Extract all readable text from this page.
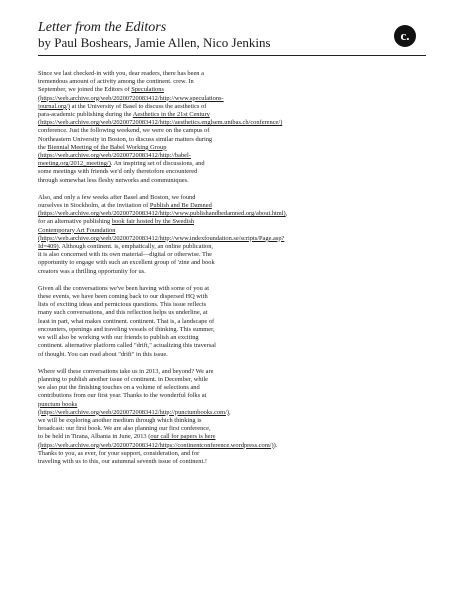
Letter from the Editors

by Paul Boshears, Jamie Allen, Nico Jenkins	c.

Since we last checked-in with you, dear readers, there has been a tremendous amount of activity among the continent. crew. In September, we joined the Editors of Speculations (https://web.archive.org/web/20200720083412/http://www.speculations-journal.org/) at the University of Basel to discuss the aesthetics of para-academic publishing during the Aesthetics in the 21st Century (https://web.archive.org/web/20200720083412/http://aesthetics.englsem.unibas.ch/conference/) conference. Just the following weekend, we were on the campus of Northeastern University in Boston, to discuss similar matters during the Biennial Meeting of the Babel Working Group (https://web.archive.org/web/20200720083412/http://babel-meeting.org/2012_meeting/). An inspiring set of discussions, and some meetings with friends we'd only theretofore encountered through somewhat less fleshy networks and communiques.

Also, and only a few weeks after Basel and Boston, we found ourselves in Stockholm, at the invitation of Publish and Be Damned (https://web.archive.org/web/20200720083412/http://www.publishandbedamned.org/about.html), for an alternative publishing book fair hosted by the Swedish Contemporary Art Foundation (https://web.archive.org/web/20200720083412/http://www.indexfoundation.se/scripts/Page.asp?Id=409). Although continent. is, emphatically, an online publication, it is also concerned with its own material—digital or otherwise. The opportunity to engage with such an excellent group of 'zine and book creators was a thrilling opportunity for us.

Given all the conversations we've been having with some of you at these events, we have been coming back to our dispersed HQ with lists of exciting ideas and pernicious questions. This issue reflects many such conversations, and this reflection helps us underline, at least in part, what makes continent. continent. That is, a landscape of encounters, openings and traveling vessels of thinking. This summer, we will also be working with our friends to publish an exciting continent. alternative platform called "drift," actualizing this traversal of thought. You can read about "drift" in this issue.

Where will these conversations take us in 2013, and beyond? We are planning to publish another issue of continent. in December, while we also put the finishing touches on a volume of selections and contributions from our first year. Thanks to the wonderful folks at punctum books (https://web.archive.org/web/20200720083412/http://punctumbooks.com/), we will be exploring another medium through which thinking is broadcast: our first book. We are also planning our first conference, to be held in Tirana, Albania in June, 2013 (our call for papers is here (https://web.archive.org/web/20200720083412/https://continentconference.wordpress.com/)). Thanks to you, as ever, for your support, consideration, and for traveling with us to this, our autumnal seventh issue of continent.!
